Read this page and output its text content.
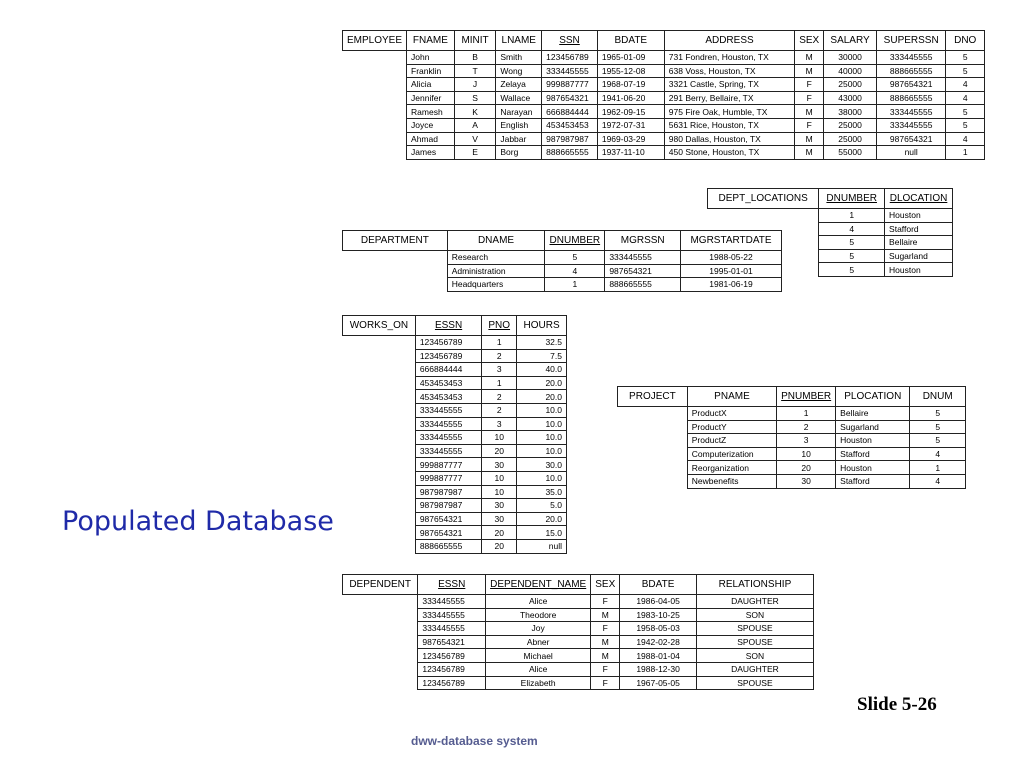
EMPLOYEE	FNAME	MINIT	LNAME	SSN	BDATE	ADDRESS	SEX	SALARY	SUPERSSN	DNO
	John	B	Smith	123456789	1965-01-09	731 Fondren, Houston, TX	M	30000	333445555	5
	Franklin	T	Wong	333445555	1955-12-08	638 Voss, Houston, TX	M	40000	888665555	5
	Alicia	J	Zelaya	999887777	1968-07-19	3321 Castle, Spring, TX	F	25000	987654321	4
	Jennifer	S	Wallace	987654321	1941-06-20	291 Berry, Bellaire, TX	F	43000	888665555	4
	Ramesh	K	Narayan	666884444	1962-09-15	975 Fire Oak, Humble, TX	M	38000	333445555	5
	Joyce	A	English	453453453	1972-07-31	5631 Rice, Houston, TX	F	25000	333445555	5
	Ahmad	V	Jabbar	987987987	1969-03-29	980 Dallas, Houston, TX	M	25000	987654321	4
	James	E	Borg	888665555	1937-11-10	450 Stone, Houston, TX	M	55000	null	1
DEPT_LOCATIONS	DNUMBER	DLOCATION
	1	Houston
	4	Stafford
	5	Bellaire
	5	Sugarland
	5	Houston
DEPARTMENT	DNAME	DNUMBER	MGRSSN	MGRSTARTDATE
	Research	5	333445555	1988-05-22
	Administration	4	987654321	1995-01-01
	Headquarters	1	888665555	1981-06-19
WORKS_ON	ESSN	PNO	HOURS
	123456789	1	32.5
	123456789	2	7.5
	666884444	3	40.0
	453453453	1	20.0
	453453453	2	20.0
	333445555	2	10.0
	333445555	3	10.0
	333445555	10	10.0
	333445555	20	10.0
	999887777	30	30.0
	999887777	10	10.0
	987987987	10	35.0
	987987987	30	5.0
	987654321	30	20.0
	987654321	20	15.0
	888665555	20	null
PROJECT	PNAME	PNUMBER	PLOCATION	DNUM
	ProductX	1	Bellaire	5
	ProductY	2	Sugarland	5
	ProductZ	3	Houston	5
	Computerization	10	Stafford	4
	Reorganization	20	Houston	1
	Newbenefits	30	Stafford	4
DEPENDENT	ESSN	DEPENDENT_NAME	SEX	BDATE	RELATIONSHIP
	333445555	Alice	F	1986-04-05	DAUGHTER
	333445555	Theodore	M	1983-10-25	SON
	333445555	Joy	F	1958-05-03	SPOUSE
	987654321	Abner	M	1942-02-28	SPOUSE
	123456789	Michael	M	1988-01-04	SON
	123456789	Alice	F	1988-12-30	DAUGHTER
	123456789	Elizabeth	F	1967-05-05	SPOUSE
Populated Database
Slide 5-26
dww-database system
